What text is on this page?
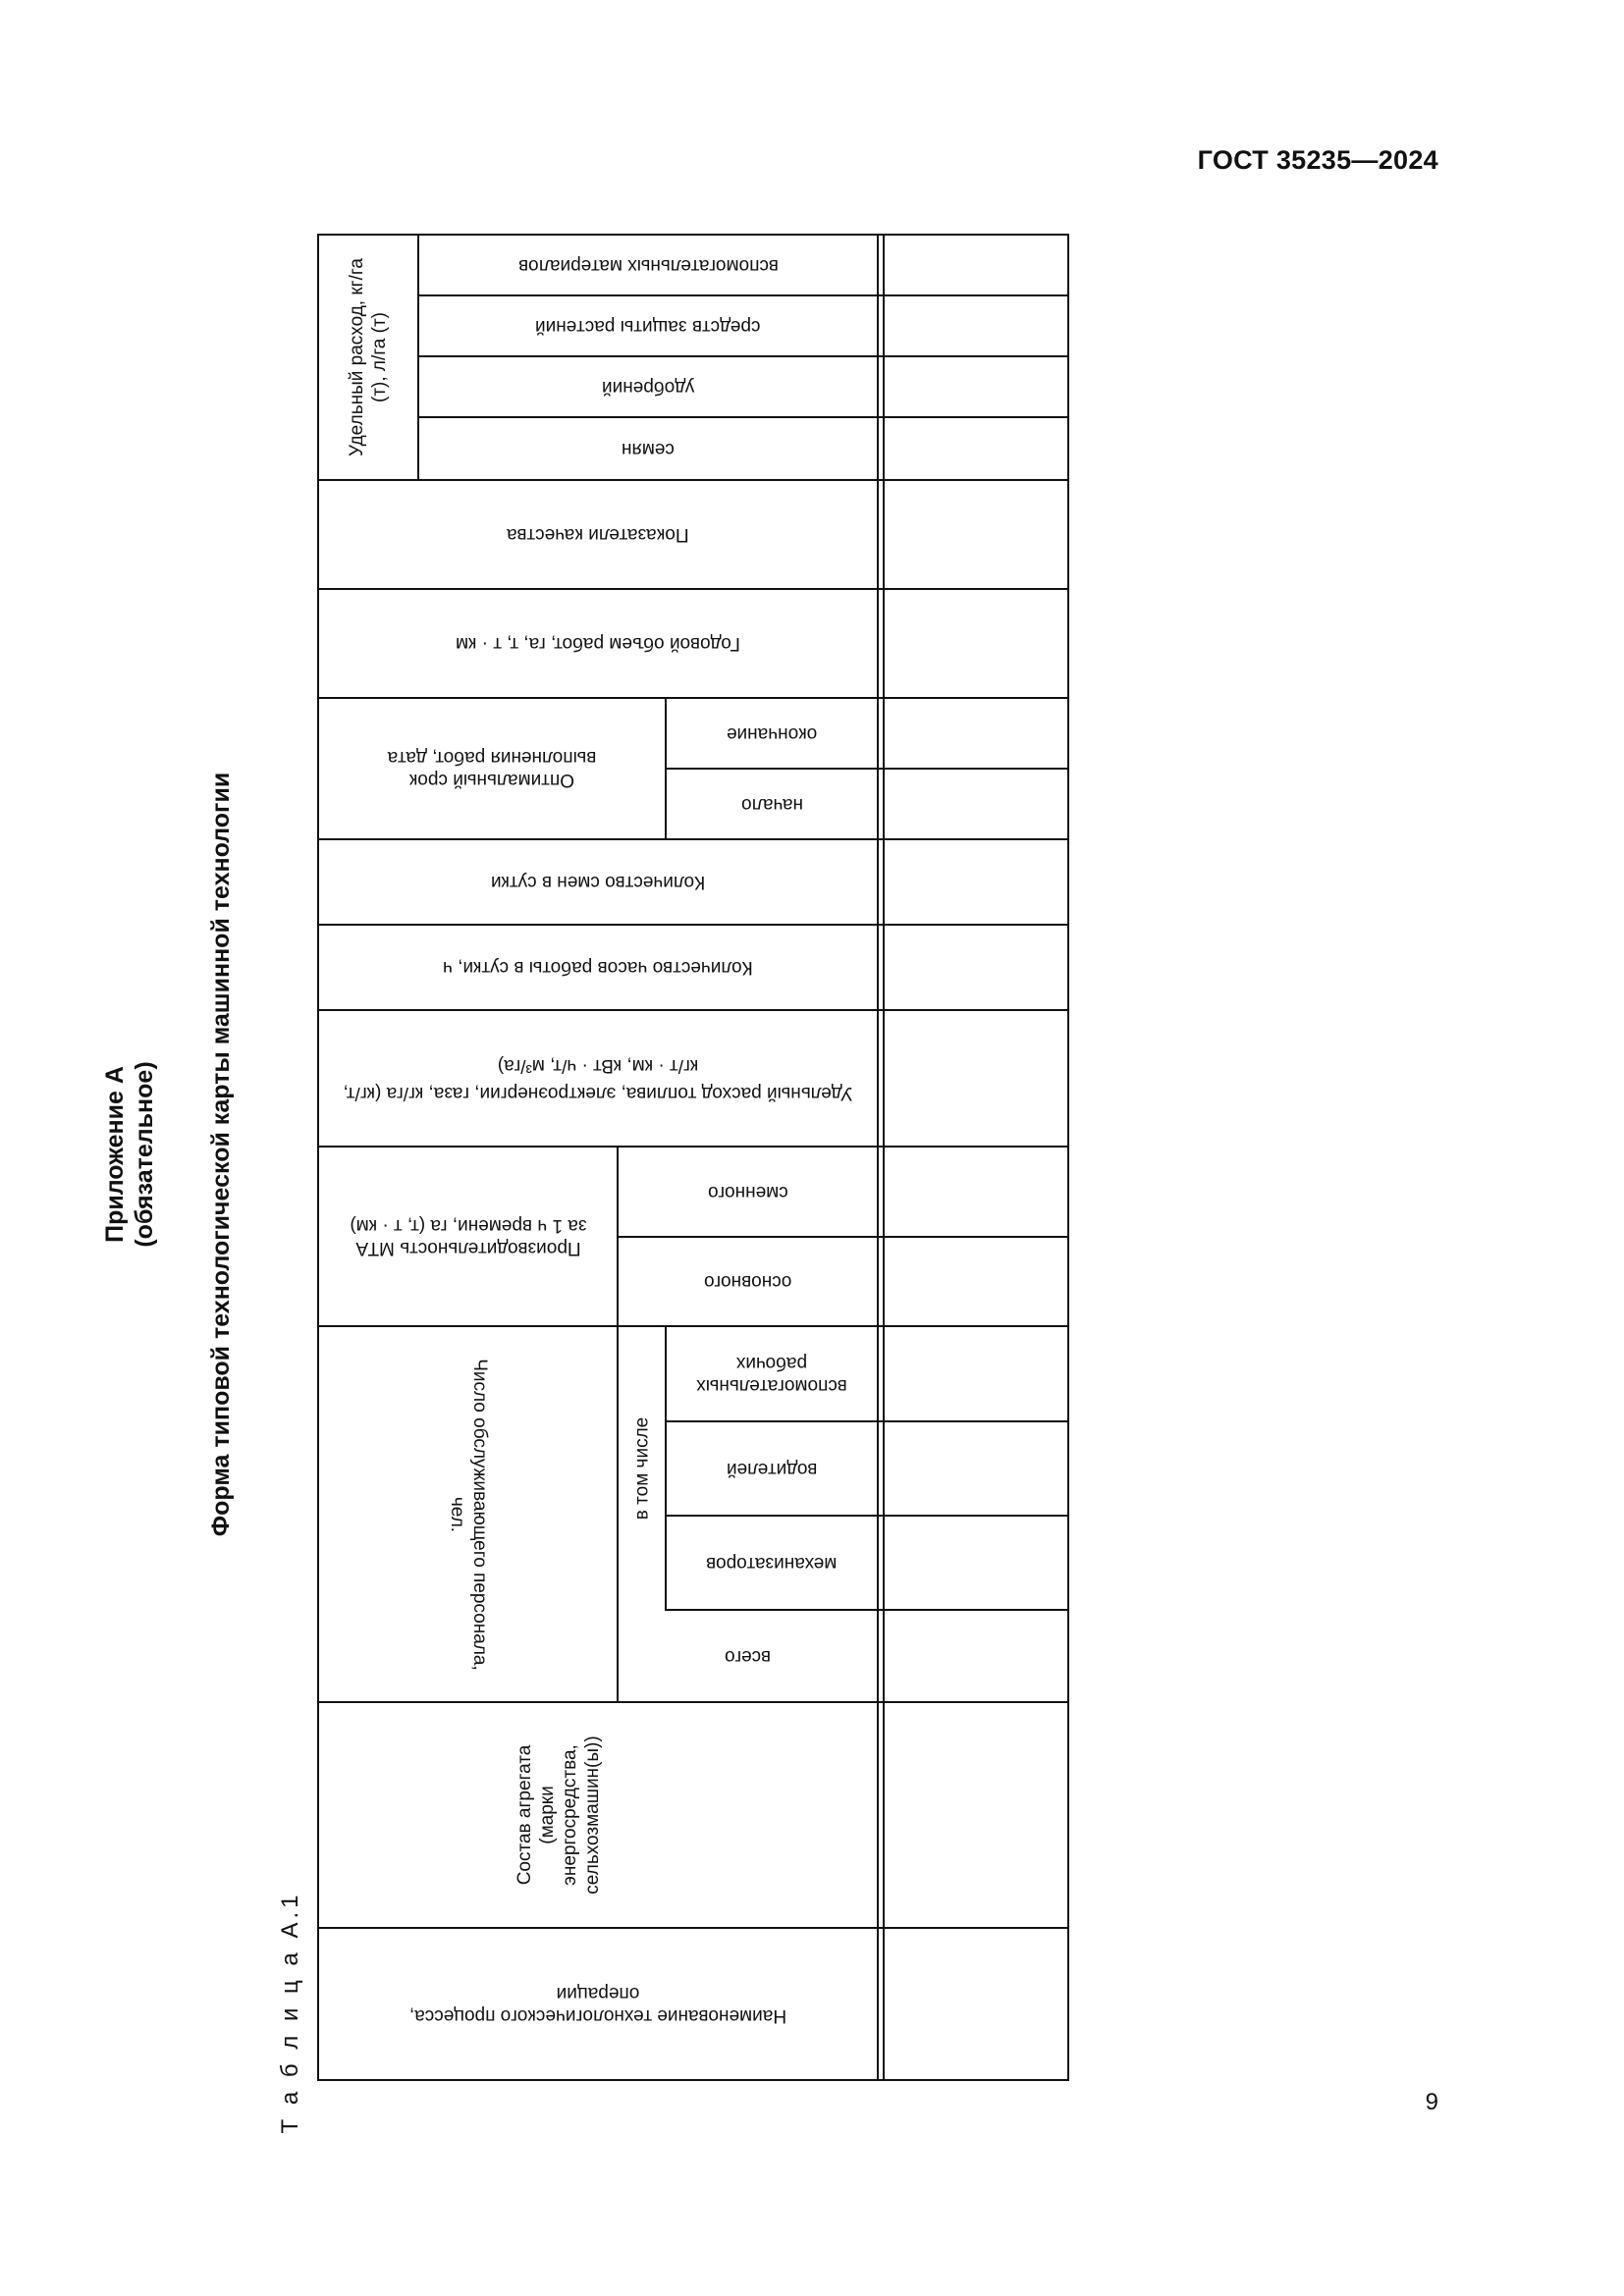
ГОСТ 35235—2024
9
Приложение А (обязательное) Форма типовой технологической карты машинной технологии
Т а б л и ц а А.1
Удельный расход, кг/га (т), л/га (т)
вспомогательных материалов
средств защиты растений
удобрений
семян
Показатели качества
Годовой объем работ, га, т, т · км
Оптимальный срок выполнения работ, дата
окончание
начало
Количество смен в сутки
Количество часов работы в сутки, ч
Удельный расход топлива, электроэнергии, газа, кг/га (кг/т, кг/т · км, кВт · ч/т, м³/га)
Производительность МТА за 1 ч времени, га (т, т · км)
сменного
основного
Число обслуживающего персонала, чел.	в том числе
вспомогательных рабочих
водителей
механизаторов
всего
Состав агрегата (марки энергосредства, сельхозмашин(ы))
Наименование технологического процесса, операции
